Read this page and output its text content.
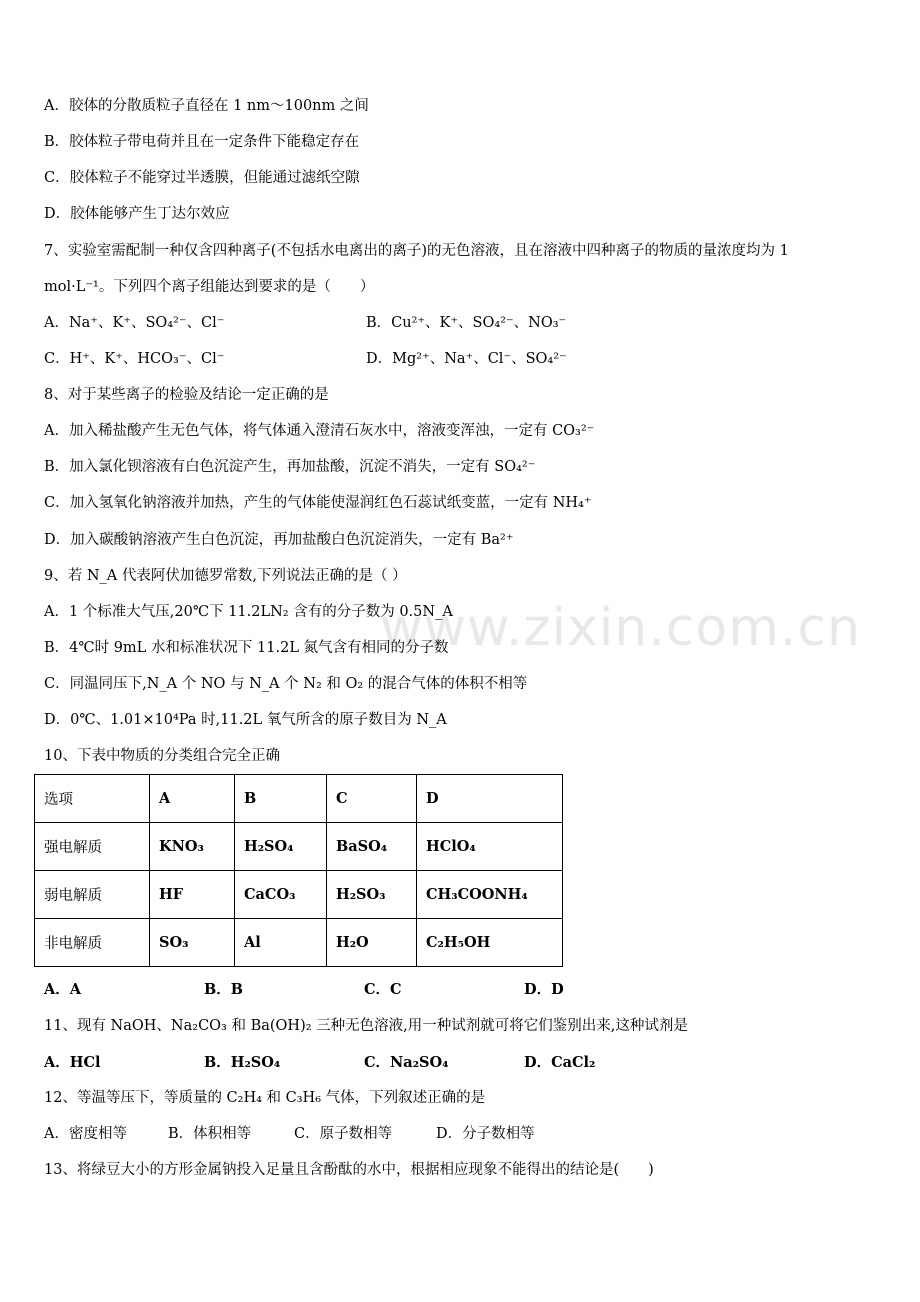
www.zixin.com.cn
A．胶体的分散质粒子直径在 1 nm～100nm 之间
B．胶体粒子带电荷并且在一定条件下能稳定存在
C．胶体粒子不能穿过半透膜，但能通过滤纸空隙
D．胶体能够产生丁达尔效应
7、实验室需配制一种仅含四种离子(不包括水电离出的离子)的无色溶液，且在溶液中四种离子的物质的量浓度均为 1
mol·L⁻¹。下列四个离子组能达到要求的是（　　）
A．Na⁺、K⁺、SO₄²⁻、Cl⁻	B．Cu²⁺、K⁺、SO₄²⁻、NO₃⁻
C．H⁺、K⁺、HCO₃⁻、Cl⁻	D．Mg²⁺、Na⁺、Cl⁻、SO₄²⁻
8、对于某些离子的检验及结论一定正确的是
A．加入稀盐酸产生无色气体，将气体通入澄清石灰水中，溶液变浑浊，一定有 CO₃²⁻
B．加入氯化钡溶液有白色沉淀产生，再加盐酸，沉淀不消失，一定有 SO₄²⁻
C．加入氢氧化钠溶液并加热，产生的气体能使湿润红色石蕊试纸变蓝，一定有 NH₄⁺
D．加入碳酸钠溶液产生白色沉淀，再加盐酸白色沉淀消失，一定有 Ba²⁺
9、若 N_A 代表阿伏加德罗常数,下列说法正确的是（ ）
A．1 个标准大气压,20℃下 11.2LN₂ 含有的分子数为 0.5N_A
B．4℃时 9mL 水和标准状况下 11.2L 氮气含有相同的分子数
C．同温同压下,N_A 个 NO 与 N_A 个 N₂ 和 O₂ 的混合气体的体积不相等
D．0℃、1.01×10⁴Pa 时,11.2L 氧气所含的原子数目为 N_A
10、下表中物质的分类组合完全正确
选项	A	B	C	D
强电解质	KNO₃	H₂SO₄	BaSO₄	HClO₄
弱电解质	HF	CaCO₃	H₂SO₃	CH₃COONH₄
非电解质	SO₃	Al	H₂O	C₂H₅OH
A．A	B．B	C．C	D．D
11、现有 NaOH、Na₂CO₃ 和 Ba(OH)₂ 三种无色溶液,用一种试剂就可将它们鉴别出来,这种试剂是
A．HCl	B．H₂SO₄	C．Na₂SO₄	D．CaCl₂
12、等温等压下，等质量的 C₂H₄ 和 C₃H₆ 气体，下列叙述正确的是
A．密度相等	B．体积相等	C．原子数相等	D．分子数相等
13、将绿豆大小的方形金属钠投入足量且含酚酞的水中，根据相应现象不能得出的结论是(　　)
